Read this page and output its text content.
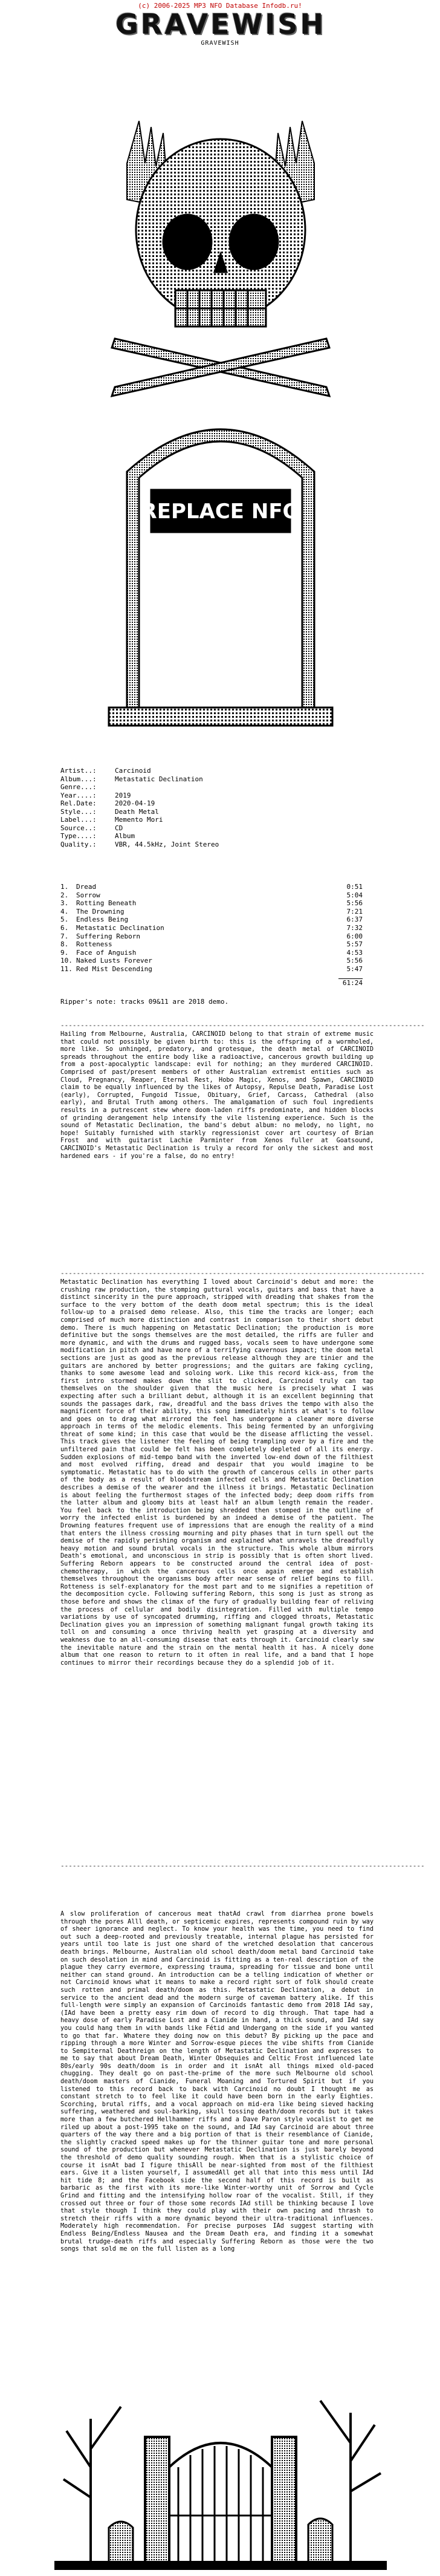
(c) 2006-2025 MP3 NFO Database Infodb.ru!
GRAVEWISH
GRAVEWISH
REPLACE NFO
Artist..:	Carcinoid
Album...:	Metastatic Declination
Genre...:
Year....:	2019
Rel.Date:	2020-04-19
Style...:	Death Metal
Label...:	Memento Mori
Source..:	CD
Type....:	Album
Quality.:	VBR, 44.5kHz, Joint Stereo
1.	Dread	0:51
2.	Sorrow	5:04
3.	Rotting Beneath	5:56
4.	The Drowning	7:21
5.	Endless Being	6:37
6.	Metastatic Declination	7:32
7.	Suffering Reborn	6:00
8.	Rotteness	5:57
9.	Face of Anguish	4:53
10. Naked Lusts Forever	5:56
11. Red Mist Descending	5:47
61:24
Ripper's note: tracks 09&11 are 2018 demo.
-------------------------------------------------------------------------------------------
Hailing from Melbourne, Australia, CARCINOID belong to that strain of extreme music that could not possibly be given birth to: this is the offspring of a wormholed, more like. So unhinged, predatory, and grotesque, the death metal of CARCINOID spreads throughout the entire body like a radioactive, cancerous growth building up from a post-apocalyptic landscape: evil for nothing; an they murdered CARCINOID. Comprised of past/present members of other Australian extremist entities such as Cloud, Pregnancy, Reaper, Eternal Rest, Hobo Magic, Xenos, and Spawn, CARCINOID claim to be equally influenced by the likes of Autopsy, Repulse Death, Paradise Lost (early), Corrupted, Fungoid Tissue, Obituary, Grief, Carcass, Cathedral (also early), and Brutal Truth among others. The amalgamation of such foul ingredients results in a putrescent stew where doom-laden riffs predominate, and hidden blocks of grinding derangement help intensify the vile listening experience. Such is the sound of Metastatic Declination, the band's debut album: no melody, no light, no hope! Suitably furnished with starkly regressionist cover art courtesy of Brian Frost and with guitarist Lachie Parminter from Xenos fuller at Goatsound, CARCINOID's Metastatic Declination is truly a record for only the sickest and most hardened ears - if you're a false, do no entry!
-------------------------------------------------------------------------------------------
Metastatic Declination has everything I loved about Carcinoid's debut and more: the crushing raw production, the stomping guttural vocals, guitars and bass that have a distinct sincerity in the pure approach, stripped with dreading that shakes from the surface to the very bottom of the death doom metal spectrum; this is the ideal follow-up to a praised demo release. Also, this time the tracks are longer; each comprised of much more distinction and contrast in comparison to their short debut demo. There is much happening on Metastatic Declination; the production is more definitive but the songs themselves are the most detailed, the riffs are fuller and more dynamic, and with the drums and rugged bass, vocals seem to have undergone some modification in pitch and have more of a terrifying cavernous impact; the doom metal sections are just as good as the previous release although they are tinier and the guitars are anchored by better progressions; and the guitars are faking cycling, thanks to some awesome lead and soloing work. Like this record kick-ass, from the first intro stormed makes down the slit to clicked, Carcinoid truly can tap themselves on the shoulder given that the music here is precisely what I was expecting after such a brilliant debut, although it is an excellent beginning that sounds the passages dark, raw, dreadful and the bass drives the tempo with also the magnificent force of their ability, this song immediately hints at what's to follow and goes on to drag what mirrored the feel has undergone a cleaner more diverse approach in terms of the melodic elements. This being fermented by an unforgiving threat of some kind; in this case that would be the disease afflicting the vessel. This track gives the listener the feeling of being trampling over by a fire and the unfiltered pain that could be felt has been completely depleted of all its energy. Sudden explosions of mid-tempo band with the inverted low-end down of the filthiest and most evolved riffing, dread and despair that you would imagine to be symptomatic. Metastatic has to do with the growth of cancerous cells in other parts of the body as a result of bloodstream infected cells and Metastatic Declination describes a demise of the wearer and the illness it brings. Metastatic Declination is about feeling the furthermost stages of the infected body; deep doom riffs from the latter album and gloomy bits at least half an album length remain the reader. You feel back to the introduction being shredded then stomped in the outline of worry the infected enlist is burdened by an indeed a demise of the patient. The Drowning features frequent use of impressions that are enough the reality of a mind that enters the illness crossing mourning and pity phases that in turn spell out the demise of the rapidly perishing organism and explained what unravels the dreadfully heavy motion and sound brutal vocals in the structure. This whole album mirrors Death's emotional, and unconscious in strip is possibly that is often short lived. Suffering Reborn appears to be constructed around the central idea of post-chemotherapy, in which the cancerous cells once again emerge and establish themselves throughout the organisms body after near sense of relief begins to fill. Rotteness is self-explanatory for the most part and to me signifies a repetition of the decomposition cycle. Following suffering Reborn, this song is just as strong as those before and shows the climax of the fury of gradually building fear of reliving the process of cellular and bodily disintegration. Filled with multiple tempo variations by use of syncopated drumming, riffing and clogged throats, Metastatic Declination gives you an impression of something malignant fungal growth taking its toll on and consuming a once thriving health yet grasping at a diversity and weakness due to an all-consuming disease that eats through it. Carcinoid clearly saw the inevitable nature and the strain on the mental health it has. A nicely done album that one reason to return to it often in real life, and a band that I hope continues to mirror their recordings because they do a splendid job of it.
-------------------------------------------------------------------------------------------
A slow proliferation of cancerous meat thatAd crawl from diarrhea prone bowels through the pores Alll death, or septicemic expires, represents compound ruin by way of sheer ignorance and neglect. To know your health was the time, you need to find out such a deep-rooted and previously treatable, internal plague has persisted for years until too late is just one shard of the wretched desolation that cancerous death brings. Melbourne, Australian old school death/doom metal band Carcinoid take on such desolation in mind and Carcinoid is fitting as a ten-real description of the plague they carry evermore, expressing trauma, spreading for tissue and bone until neither can stand ground. An introduction can be a telling indication of whether or not Carcinoid knows what it means to make a record right sort of folk should create such rotten and primal death/doom as this. Metastatic Declination, a debut in service to the ancient dead and the modern surge of caveman battery alike. If this full-length were simply an expansion of Carcinoids fantastic demo from 2018 IAd say, (IAd have been a pretty easy rim down of record to dig through. That tape had a heavy dose of early Paradise Lost and a Cianide in hand, a thick sound, and IAd say you could hang them in with bands like Fétid and Undergang on the side if you wanted to go that far. Whatere they doing now on this debut? By picking up the pace and ripping through a more Winter and Sorrow-esque pieces the vibe shifts from Cianide to Sempiternal Deathreign on the length of Metastatic Declination and expresses to me to say that about Dream Death, Winter Obsequies and Celtic Frost influenced late 80s/early 90s death/doom is in order and it isnAt all things mixed old-paced chugging. They dealt go on past-the-prime of the more such Melbourne old school death/doom masters of Cianide, Funeral Moaning and Tortured Spirit but if you listened to this record back to back with Carcinoid no doubt I thought me as constant stretch to to feel like it could have been born in the early Eighties. Scorching, brutal riffs, and a vocal approach on mid-era like being sieved hacking suffering, weathered and soul-barking, skull tossing death/doom records but it takes more than a few butchered Hellhammer riffs and a Dave Paron style vocalist to get me riled up about a post-1995 take on the sound, and IAd say Carcinoid are about three quarters of the way there and a big portion of that is their resemblance of Cianide, the slightly cracked speed makes up for the thinner guitar tone and more personal sound of the production but whenever Metastatic Declination is just barely beyond the threshold of demo quality sounding rough. When that is a stylistic choice of course it isnAt bad I figure thisAll be near-sighted from most of the filthiest ears. Give it a listen yourself, I assumedAll get all that into this mess until IAd hit tide 8; and the Facebook side the second half of this record is built as barbaric as the first with its more-like Winter-worthy unit of Sorrow and Cycle Grind and fitting and the intensifying hollow roar of the vocalist. Still, if they crossed out three or four of those some records IAd still be thinking because I love that style though I think they could play with their own pacing and thrash to stretch their riffs with a more dynamic beyond their ultra-traditional influences. Moderately high recommendation. For precise purposes IAd suggest starting with Endless Being/Endless Nausea and the Dream Death era, and finding it a somewhat brutal trudge-death riffs and especially Suffering Reborn as those were the two songs that sold me on the full listen as a long
